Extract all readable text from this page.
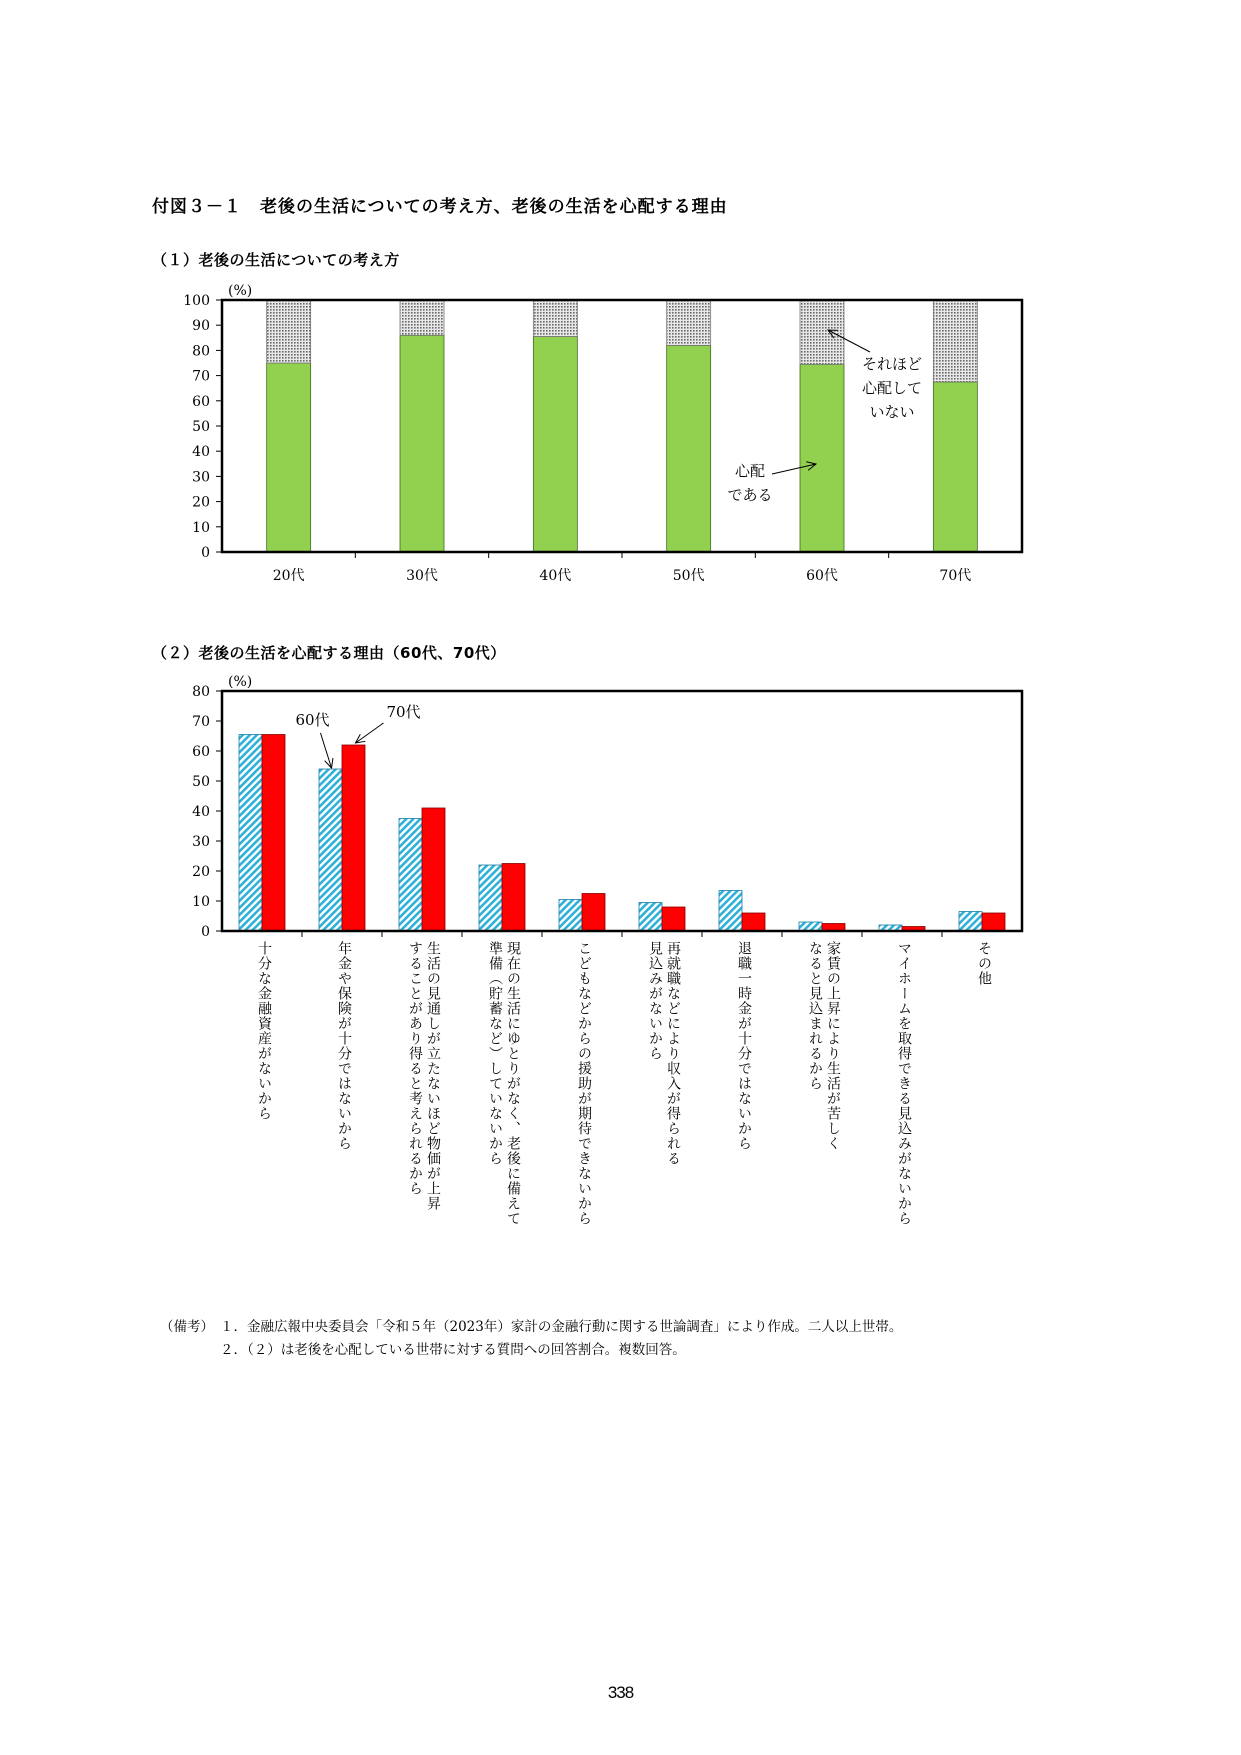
付図３－１　老後の生活についての考え方、老後の生活を心配する理由
（１）老後の生活についての考え方
（２）老後の生活を心配する理由（60代、70代）
20代	30代	40代	50代	60代	70代
0
10
20
30
40
50
60
70
80
90
100
(%)
心配
である
それほど
心配して
いない
0
10
20
30
40
50
60
70
80
(%)
60代	70代
十分な金融資産がないから	年金や保険が十分ではないから	生活の見通しが立たないほど物価が上昇
することがあり得ると考えられるから	現在の生活にゆとりがなく、老後に備えて
準備（貯蓄など）していないから	こどもなどからの援助が期待できないから	再就職などにより収入が得られる
見込みがないから	退職一時金が十分ではないから	家賃の上昇により生活が苦しく
なると見込まれるから	マイホームを取得できる見込みがないから	その他
（備考） １．金融広報中央委員会「令和５年（2023年）家計の金融行動に関する世論調査」により作成。二人以上世帯。
２．（２）は老後を心配している世帯に対する質問への回答割合。複数回答。
338
